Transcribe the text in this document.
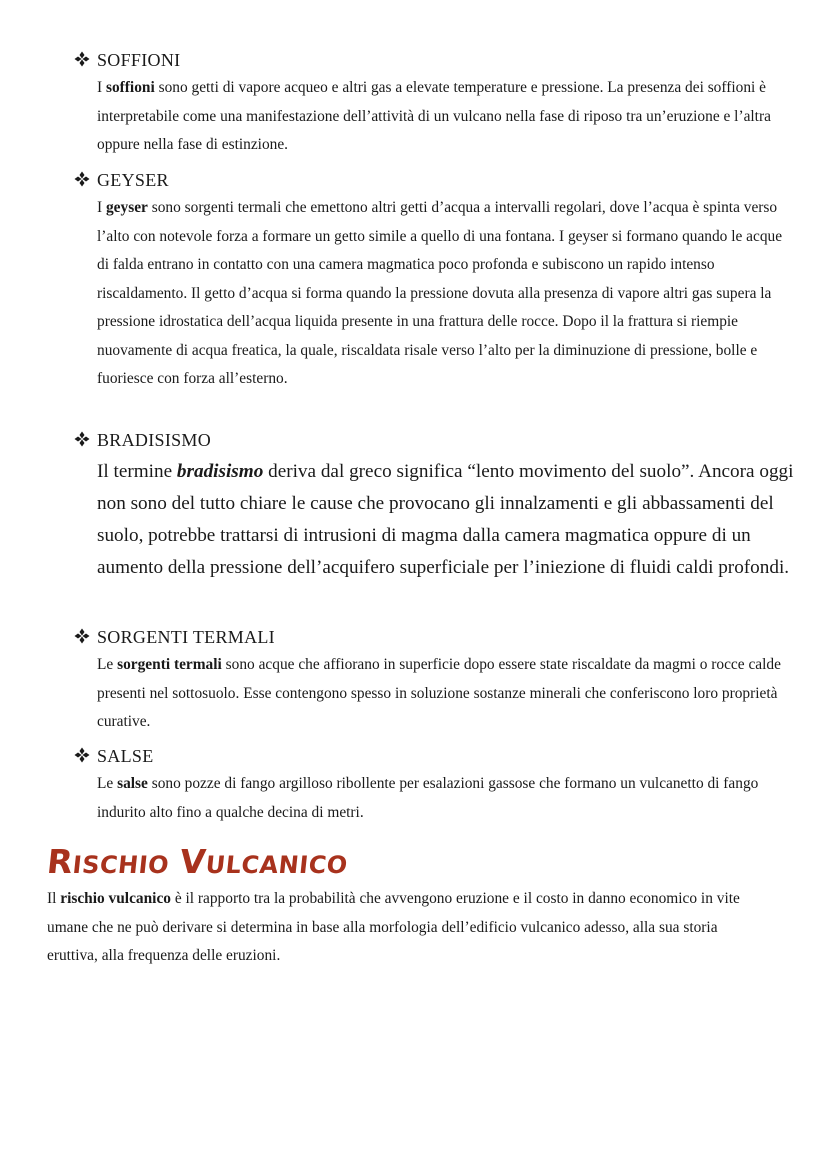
SOFFIONI
I soffioni sono getti di vapore acqueo e altri gas a elevate temperature e pressione. La presenza dei soffioni è interpretabile come una manifestazione dell’attività di un vulcano nella fase di riposo tra un’eruzione e l’altra oppure nella fase di estinzione.
GEYSER
I geyser sono sorgenti termali che emettono altri getti d’acqua a intervalli regolari, dove l’acqua è spinta verso l’alto con notevole forza a formare un getto simile a quello di una fontana. I geyser si formano quando le acque di falda entrano in contatto con una camera magmatica poco profonda e subiscono un rapido intenso riscaldamento. Il getto d’acqua si forma quando la pressione dovuta alla presenza di vapore altri gas supera la pressione idrostatica dell’acqua liquida presente in una frattura delle rocce. Dopo il la frattura si riempie nuovamente di acqua freatica, la quale, riscaldata risale verso l’alto per la diminuzione di pressione, bolle e fuoriesce con forza all’esterno.
BRADISISMO
Il termine bradisismo deriva dal greco significa “lento movimento del suolo”. Ancora oggi non sono del tutto chiare le cause che provocano gli innalzamenti e gli abbassamenti del suolo, potrebbe trattarsi di intrusioni di magma dalla camera magmatica oppure di un aumento della pressione dell’acquifero superficiale per l’iniezione di fluidi caldi profondi.
SORGENTI TERMALI
Le sorgenti termali sono acque che affiorano in superficie dopo essere state riscaldate da magmi o rocce calde presenti nel sottosuolo. Esse contengono spesso in soluzione sostanze minerali che conferiscono loro proprietà curative.
SALSE
Le salse sono pozze di fango argilloso ribollente per esalazioni gassose che formano un vulcanetto di fango indurito alto fino a qualche decina di metri.
RISCHIO VULCANICO
Il rischio vulcanico è il rapporto tra la probabilità che avvengono eruzione e il costo in danno economico in vite umane che ne può derivare si determina in base alla morfologia dell’edificio vulcanico adesso, alla sua storia eruttiva, alla frequenza delle eruzioni.
